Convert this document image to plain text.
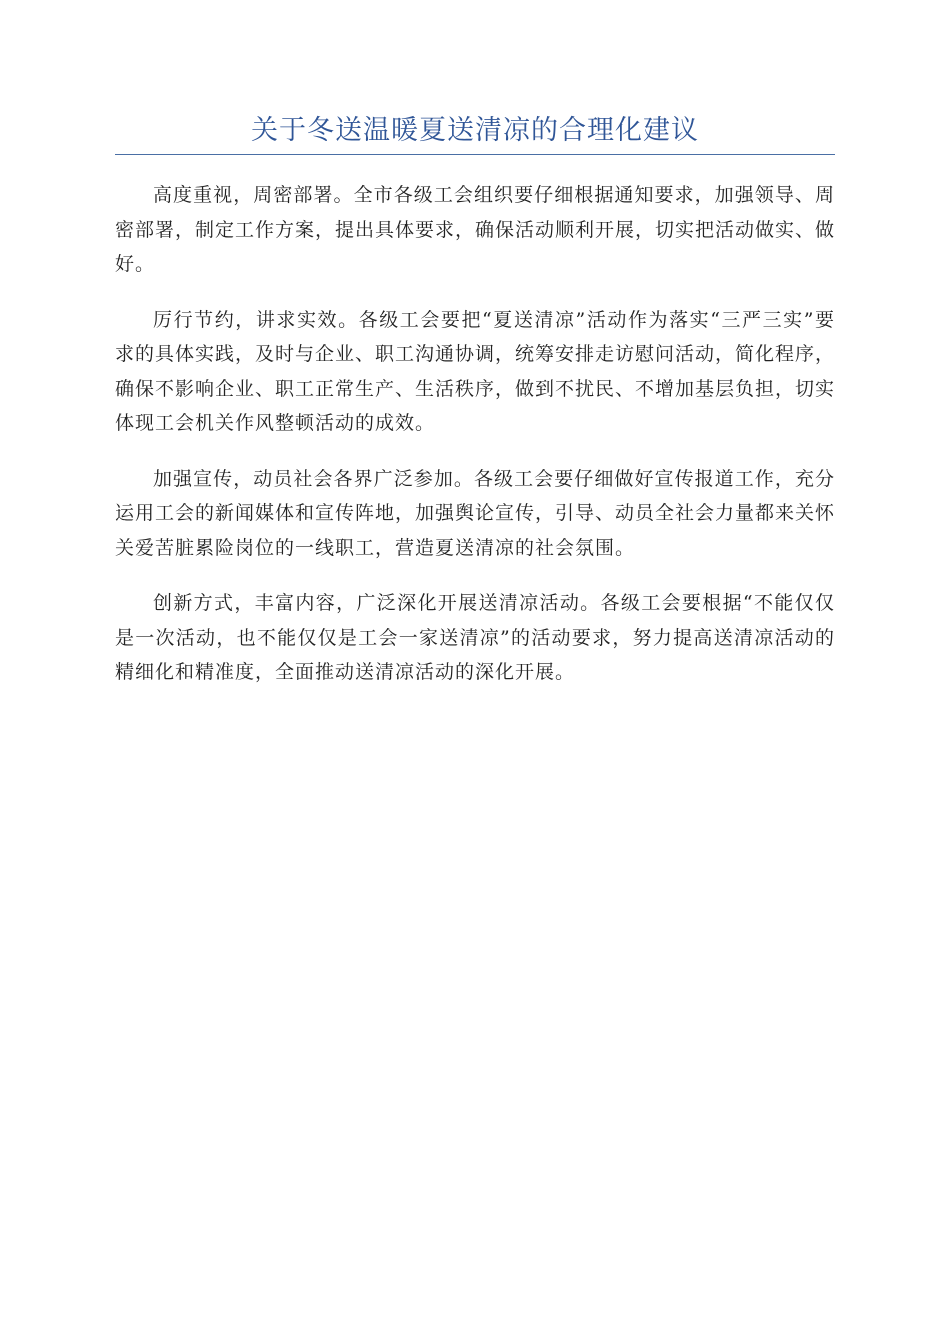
关于冬送温暖夏送清凉的合理化建议

高度重视，周密部署。全市各级工会组织要仔细根据通知要求，加强领导、周密部署，制定工作方案，提出具体要求，确保活动顺利开展，切实把活动做实、做好。

厉行节约，讲求实效。各级工会要把“夏送清凉”活动作为落实“三严三实”要求的具体实践，及时与企业、职工沟通协调，统筹安排走访慰问活动，简化程序，确保不影响企业、职工正常生产、生活秩序，做到不扰民、不增加基层负担，切实体现工会机关作风整顿活动的成效。

加强宣传，动员社会各界广泛参加。各级工会要仔细做好宣传报道工作，充分运用工会的新闻媒体和宣传阵地，加强舆论宣传，引导、动员全社会力量都来关怀关爱苦脏累险岗位的一线职工，营造夏送清凉的社会氛围。

创新方式，丰富内容，广泛深化开展送清凉活动。各级工会要根据“不能仅仅是一次活动，也不能仅仅是工会一家送清凉”的活动要求，努力提高送清凉活动的精细化和精准度，全面推动送清凉活动的深化开展。
